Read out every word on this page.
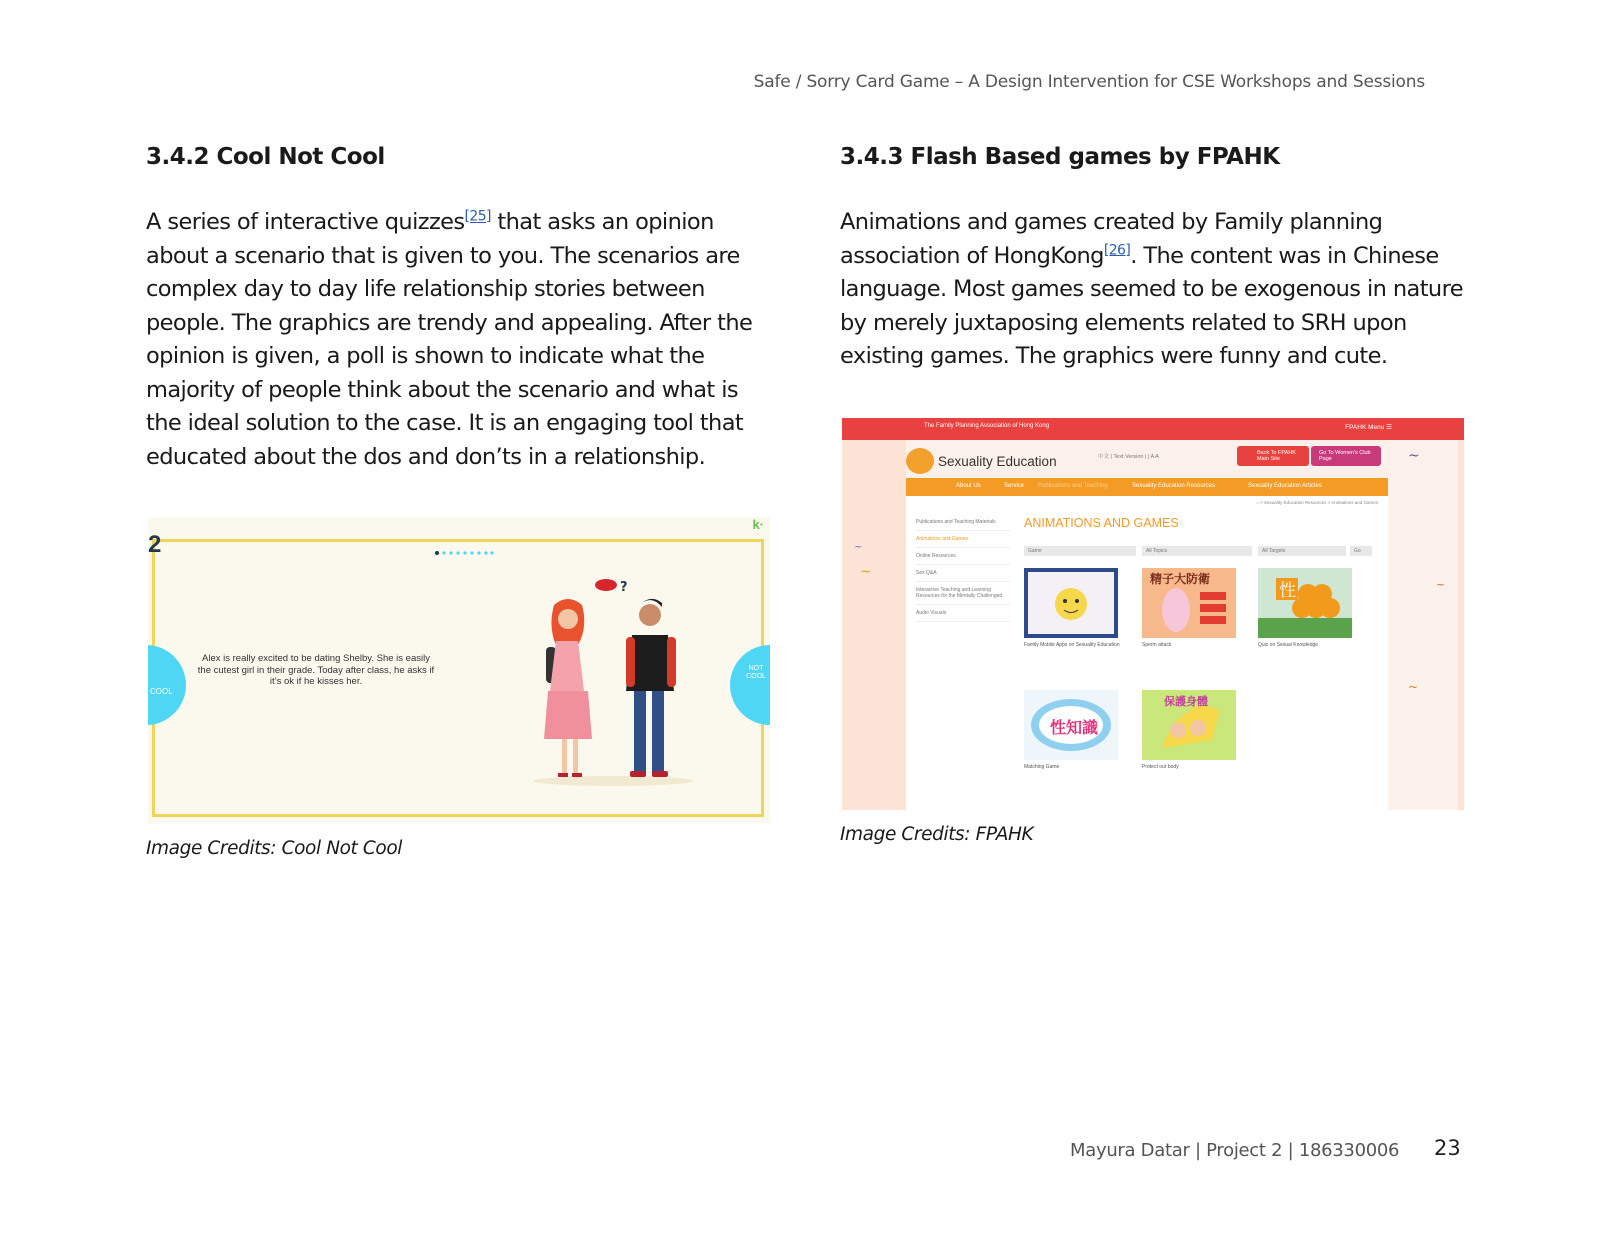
Safe / Sorry Card Game – A Design Intervention for CSE Workshops and Sessions
3.4.2 Cool Not Cool

A series of interactive quizzes[25] that asks an opinion about a scenario that is given to you. The scenarios are complex day to day life relationship stories between people. The graphics are trendy and appealing. After the opinion is given, a poll is shown to indicate what the majority of people think about the scenario and what is the ideal solution to the case. It is an engaging tool that educated about the dos and don’ts in a relationship.

2
k·
COOL
NOT COOL
Alex is really excited to be dating Shelby. She is easily the cutest girl in their grade. Today after class, he asks if it’s ok if he kisses her.
?
Image Credits: Cool Not Cool
3.4.3 Flash Based games by FPAHK

Animations and games created by Family planning association of HongKong[26]. The content was in Chinese language. Most games seemed to be exogenous in nature by merely juxtaposing elements related to SRH upon existing games. The graphics were funny and cute.

The Family Planning Association of Hong Kong	FPAHK Menu ☰
Sexuality Education	中文 | Text Version | | A A
Back To FPAHK Main Site
Go To Women's Club Page
About Us	Service Publications and Teaching	Sexuality Education Resources	Sexuality Education Articles
⌂ > Sexuality Education Resources > Animations and Games
Publications and Teaching Materials
Animations and Games
Online Resources
Sex Q&A
Interactive Teaching and Learning Resources for the Mentally Challenged
Audio Visuals
ANIMATIONS AND GAMES
Game	All Topics	All Targets	Go
精子大防衛
性
Family Mobile Apps on Sexuality Education	Sperm attack	Quiz on Sexual Knowledge
性知識
保護身體
Matching Game	Protect our body
~
~
~
~
~
Image Credits: FPAHK
Mayura Datar | Project 2 | 186330006 23
